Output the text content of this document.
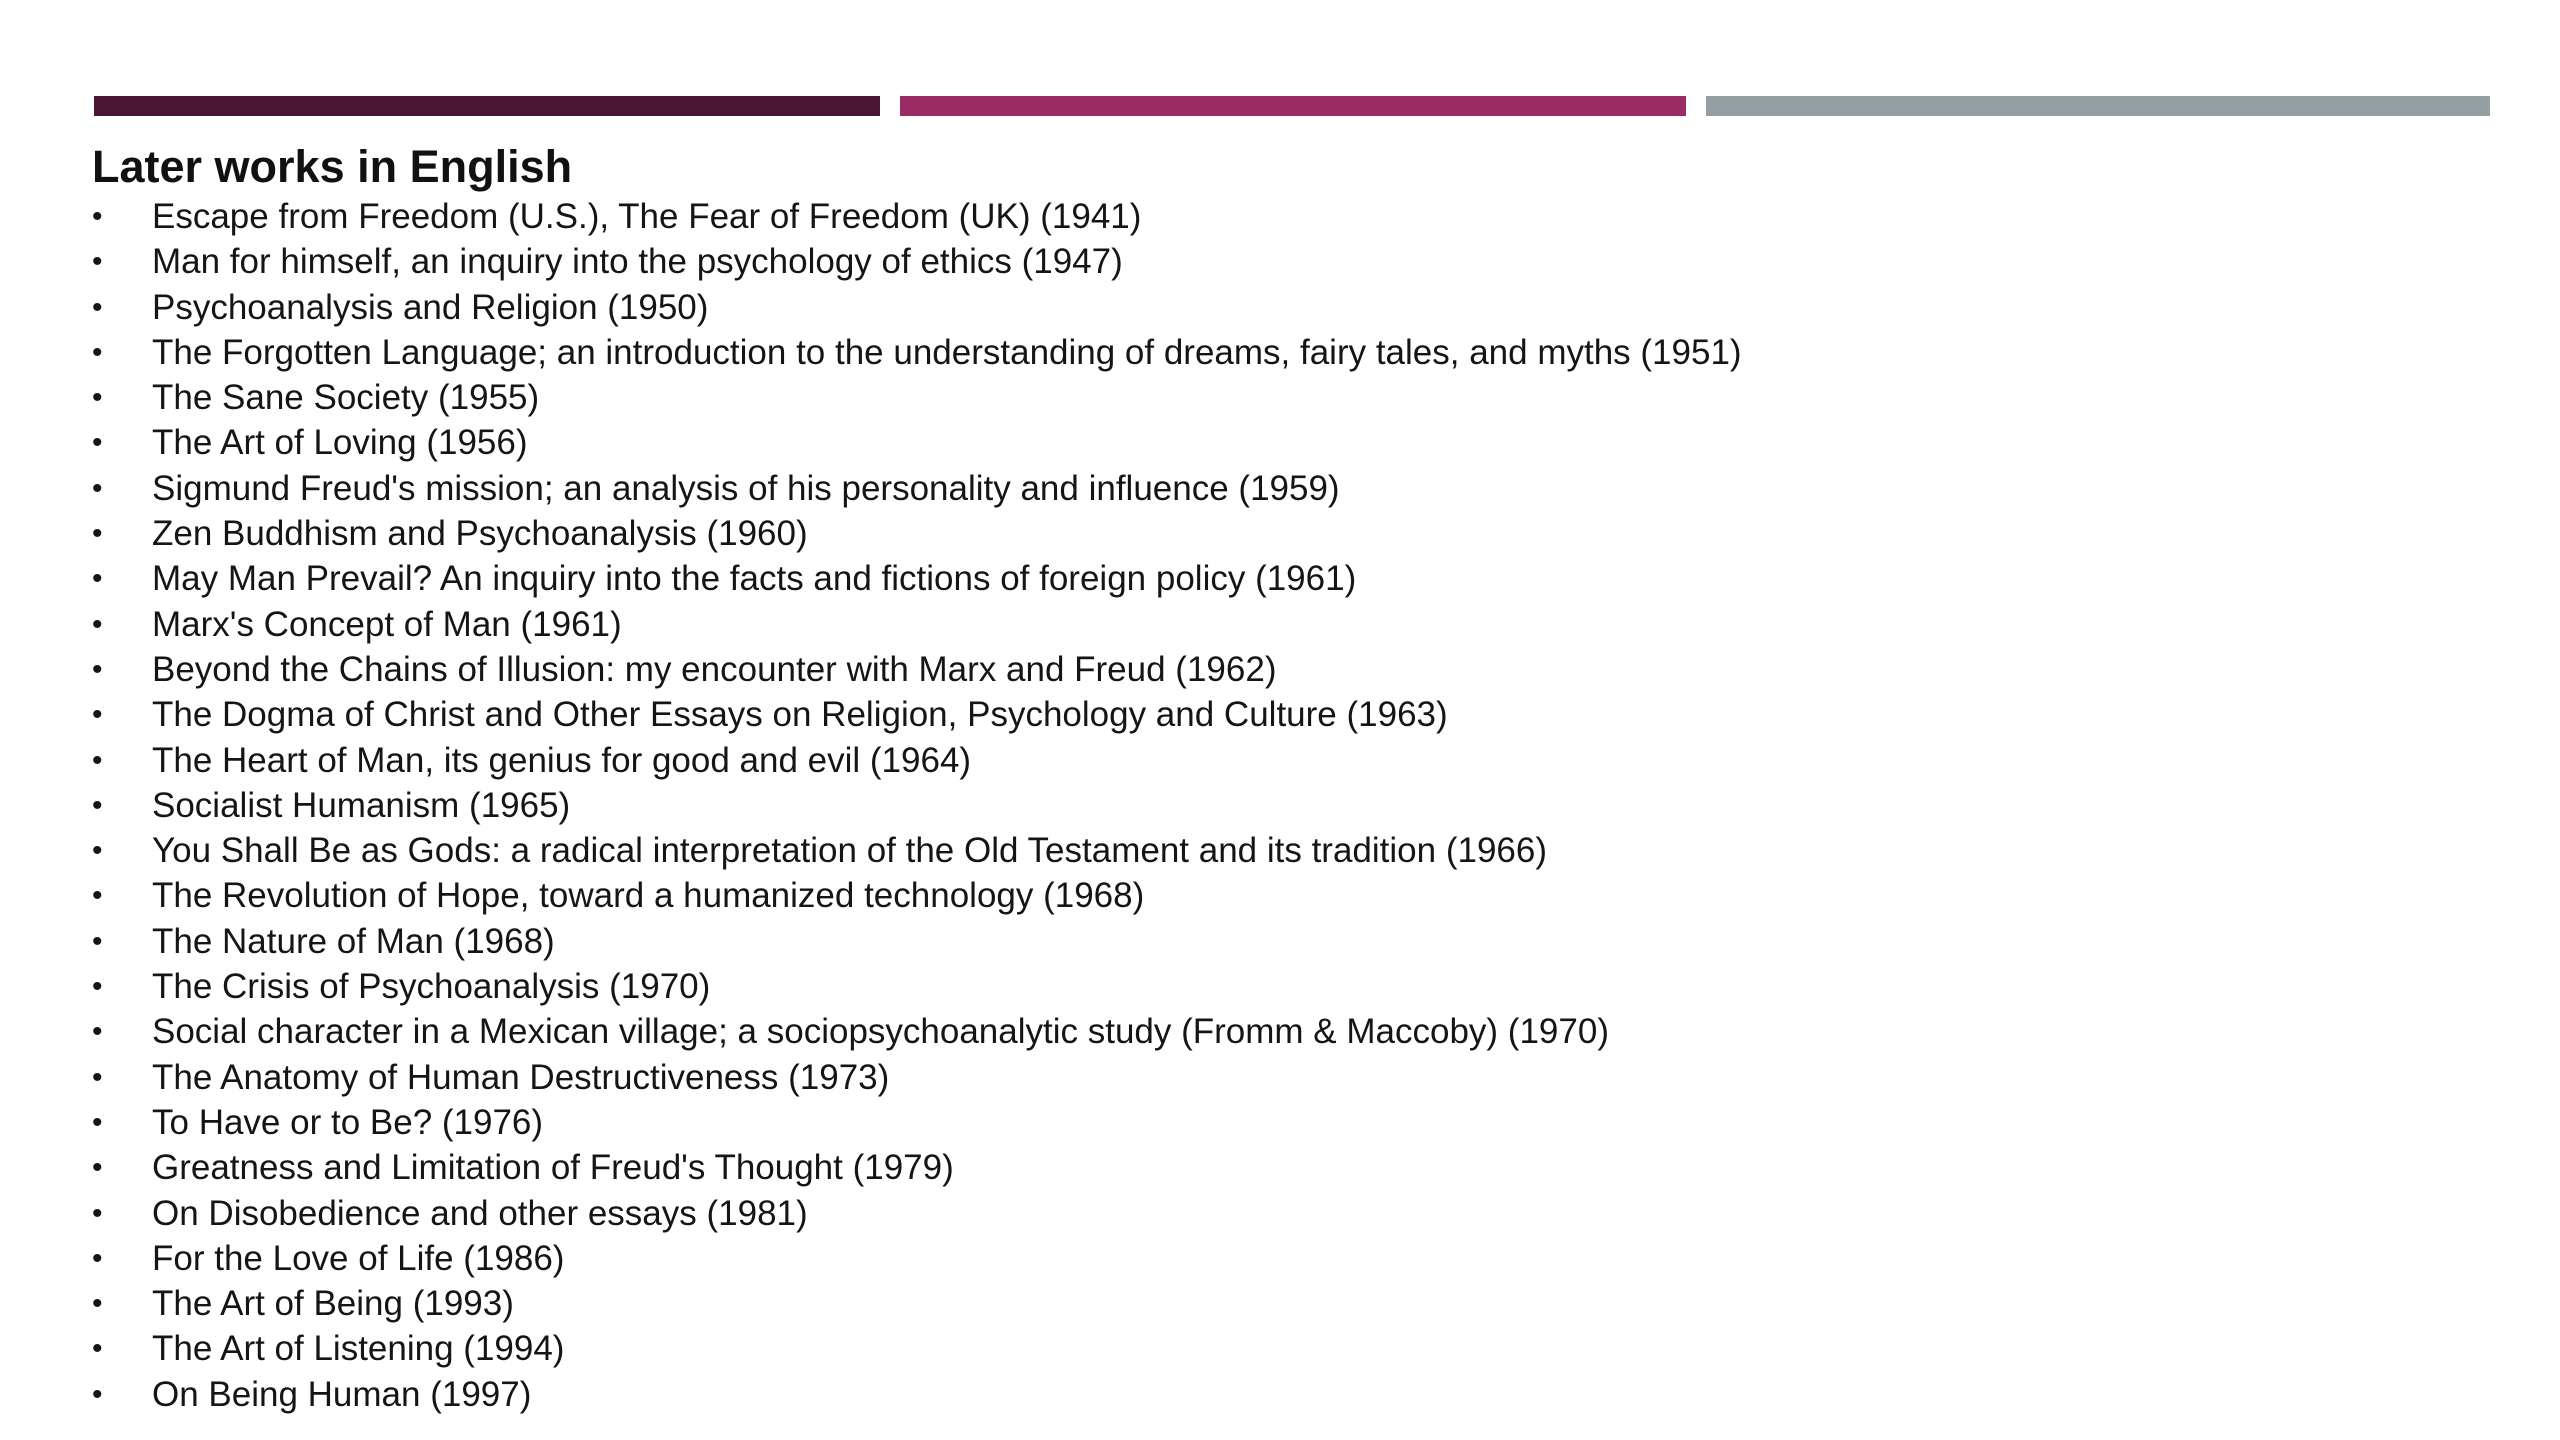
Later works in English
• Escape from Freedom (U.S.), The Fear of Freedom (UK) (1941)
• Man for himself, an inquiry into the psychology of ethics (1947)
• Psychoanalysis and Religion (1950)
• The Forgotten Language; an introduction to the understanding of dreams, fairy tales, and myths (1951)
• The Sane Society (1955)
• The Art of Loving (1956)
• Sigmund Freud's mission; an analysis of his personality and influence (1959)
• Zen Buddhism and Psychoanalysis (1960)
• May Man Prevail? An inquiry into the facts and fictions of foreign policy (1961)
• Marx's Concept of Man (1961)
• Beyond the Chains of Illusion: my encounter with Marx and Freud (1962)
• The Dogma of Christ and Other Essays on Religion, Psychology and Culture (1963)
• The Heart of Man, its genius for good and evil (1964)
• Socialist Humanism (1965)
• You Shall Be as Gods: a radical interpretation of the Old Testament and its tradition (1966)
• The Revolution of Hope, toward a humanized technology (1968)
• The Nature of Man (1968)
• The Crisis of Psychoanalysis (1970)
• Social character in a Mexican village; a sociopsychoanalytic study (Fromm & Maccoby) (1970)
• The Anatomy of Human Destructiveness (1973)
• To Have or to Be? (1976)
• Greatness and Limitation of Freud's Thought (1979)
• On Disobedience and other essays (1981)
• For the Love of Life (1986)
• The Art of Being (1993)
• The Art of Listening (1994)
• On Being Human (1997)
